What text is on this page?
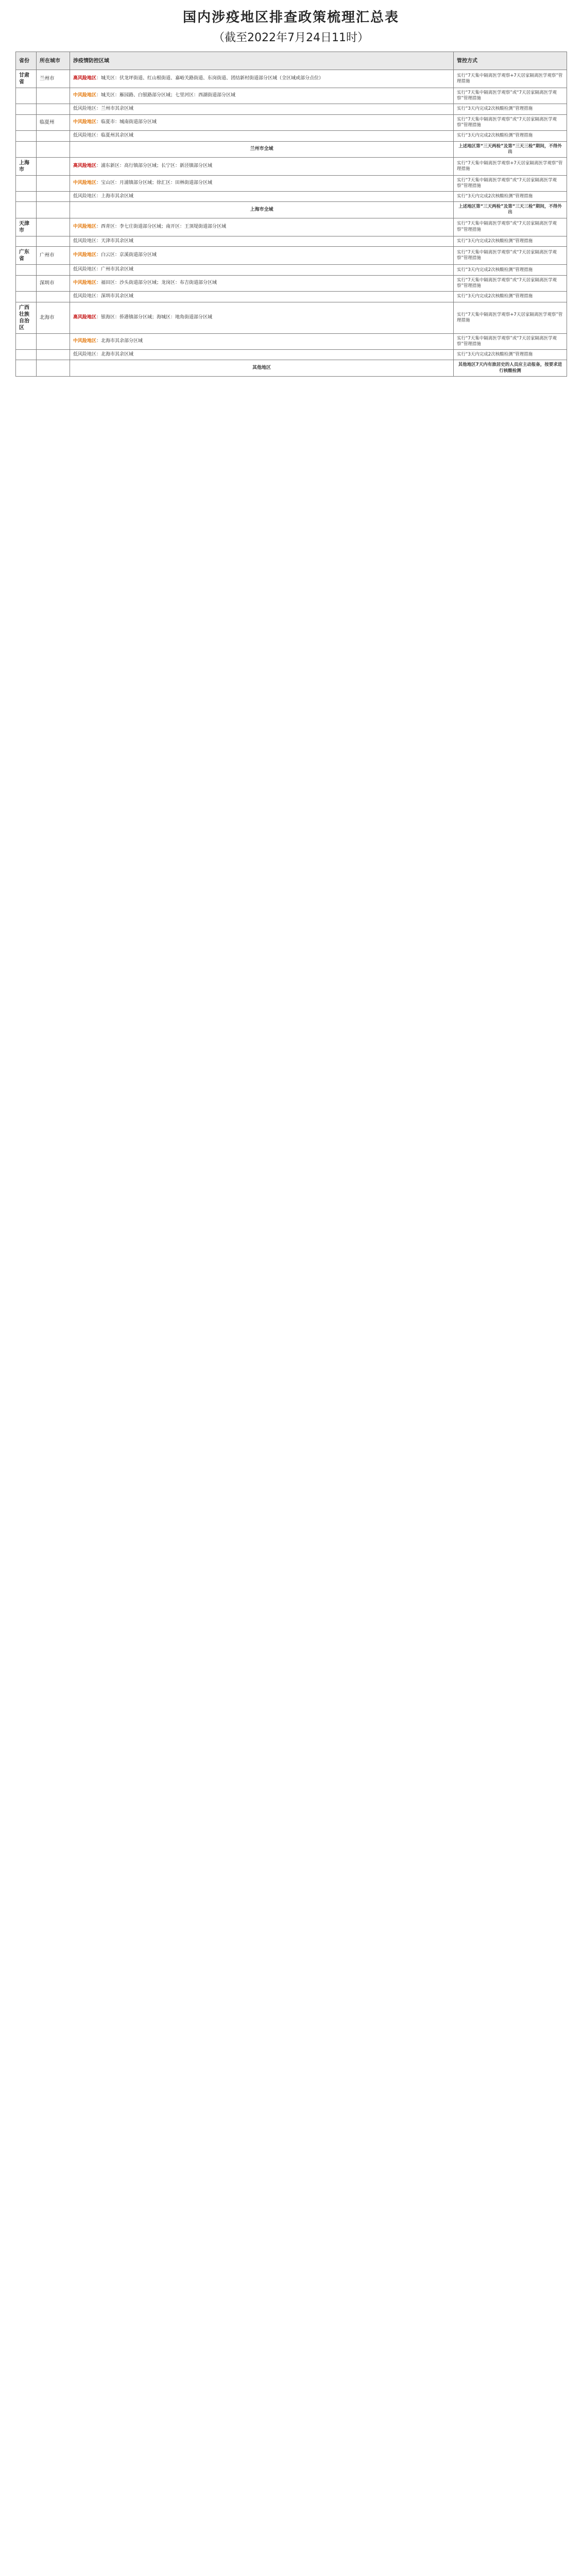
国内涉疫地区排查政策梳理汇总表
（截至2022年7月24日11时）
省份	所在城市	涉疫情防控区域	管控方式
甘肃省	兰州市	高风险地区：城关区：伏龙坪街道、红山根街道、嘉峪关路街道、东岗街道、团结新村街道部分区域（全区域或部分点位）	实行“7天集中隔离医学观察+7天居家隔离医学观察”管理措施
		中风险地区：城关区：雁园路、白银路部分区域；七里河区：西湖街道部分区域	实行“7天集中隔离医学观察”或“7天居家隔离医学观察”管理措施
		低风险地区：兰州市其余区域	实行“3天内完成2次核酸检测”管理措施
	临夏州	中风险地区：临夏市：城南街道部分区域	实行“7天集中隔离医学观察”或“7天居家隔离医学观察”管理措施
		低风险地区：临夏州其余区域	实行“3天内完成2次核酸检测”管理措施
		兰州市全域	上述地区第“三天两检”及第“三天三检”期间，不得外出
上海市		高风险地区：浦东新区：高行镇部分区域；长宁区：新泾镇部分区域	实行“7天集中隔离医学观察+7天居家隔离医学观察”管理措施
		中风险地区：宝山区：月浦镇部分区域；徐汇区：田林街道部分区域	实行“7天集中隔离医学观察”或“7天居家隔离医学观察”管理措施
		低风险地区：上海市其余区域	实行“3天内完成2次核酸检测”管理措施
		上海市全域	上述地区第“三天两检”及第“三天三检”期间，不得外出
天津市		中风险地区：西青区：李七庄街道部分区域；南开区：王顶堤街道部分区域	实行“7天集中隔离医学观察”或“7天居家隔离医学观察”管理措施
		低风险地区：天津市其余区域	实行“3天内完成2次核酸检测”管理措施
广东省	广州市	中风险地区：白云区：京溪街道部分区域	实行“7天集中隔离医学观察”或“7天居家隔离医学观察”管理措施
		低风险地区：广州市其余区域	实行“3天内完成2次核酸检测”管理措施
	深圳市	中风险地区：福田区：沙头街道部分区域；龙岗区：布吉街道部分区域	实行“7天集中隔离医学观察”或“7天居家隔离医学观察”管理措施
		低风险地区：深圳市其余区域	实行“3天内完成2次核酸检测”管理措施
广西壮族自治区	北海市	高风险地区：银海区：侨港镇部分区域；海城区：地角街道部分区域	实行“7天集中隔离医学观察+7天居家隔离医学观察”管理措施
		中风险地区：北海市其余部分区域	实行“7天集中隔离医学观察”或“7天居家隔离医学观察”管理措施
		低风险地区：北海市其余区域	实行“3天内完成2次核酸检测”管理措施
		其他地区	其他地区7天内有旅居史的人员应主动报备，按要求进行核酸检测
